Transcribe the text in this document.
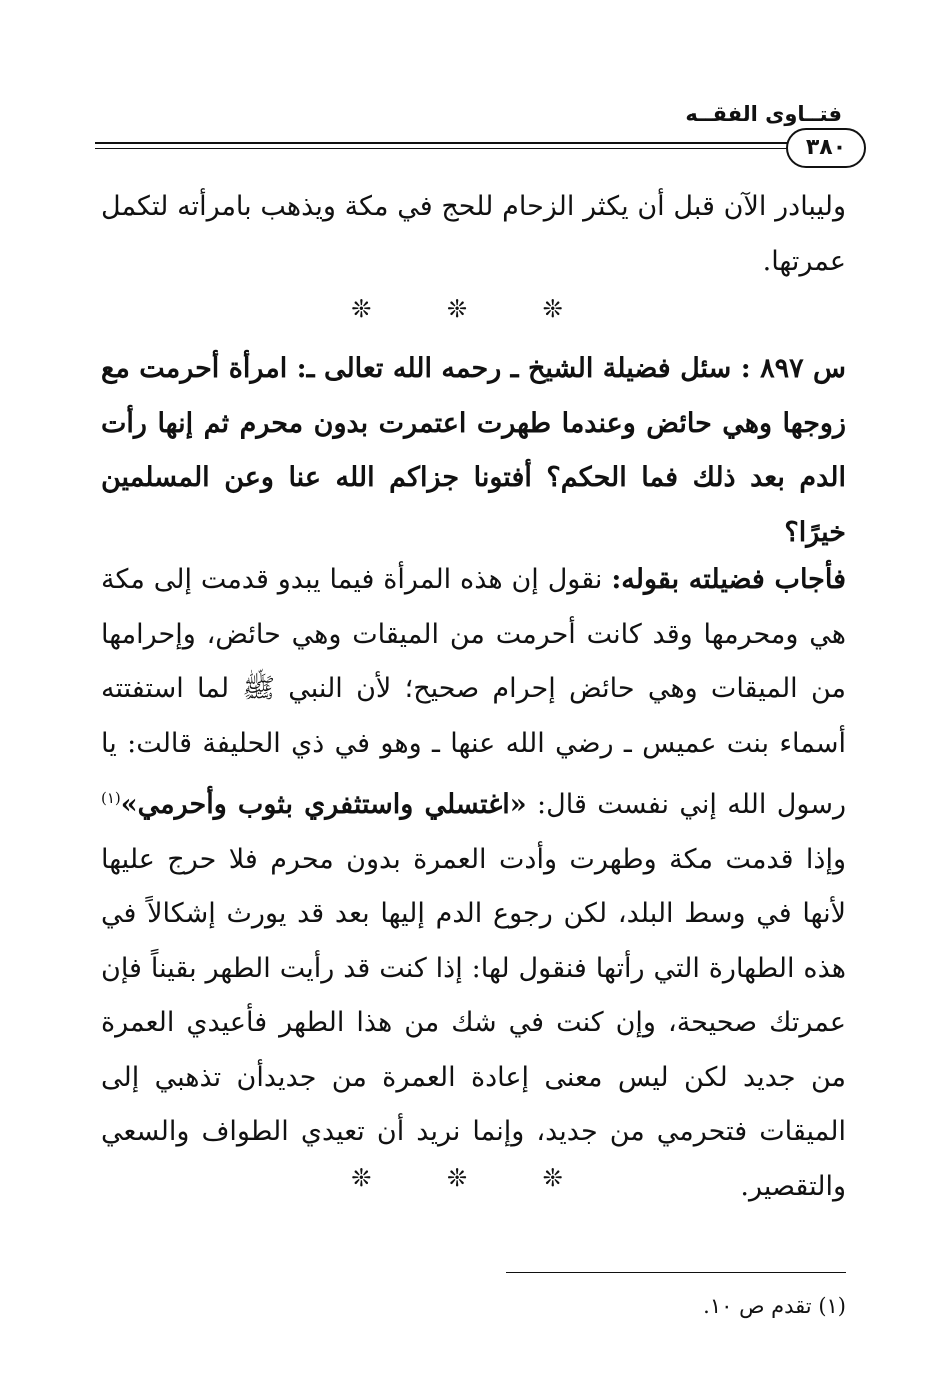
فتــاوى الفقــه
٣٨٠
وليبادر الآن قبل أن يكثر الزحام للحج في مكة ويذهب بامرأته لتكمل عمرتها.
❊ ❊ ❊
س ٨٩٧ : سئل فضيلة الشيخ ـ رحمه الله تعالى ـ: امرأة أحرمت مع زوجها وهي حائض وعندما طهرت اعتمرت بدون محرم ثم إنها رأت الدم بعد ذلك فما الحكم؟ أفتونا جزاكم الله عنا وعن المسلمين خيرًا؟
فأجاب فضيلته بقوله: نقول إن هذه المرأة فيما يبدو قدمت إلى مكة هي ومحرمها وقد كانت أحرمت من الميقات وهي حائض، وإحرامها من الميقات وهي حائض إحرام صحيح؛ لأن النبي ﷺ لما استفتته أسماء بنت عميس ـ رضي الله عنها ـ وهو في ذي الحليفة قالت: يا رسول الله إني نفست قال: «اغتسلي واستثفري بثوب وأحرمي»$^{(١)}$ وإذا قدمت مكة وطهرت وأدت العمرة بدون محرم فلا حرج عليها لأنها في وسط البلد، لكن رجوع الدم إليها بعد قد يورث إشكالاً في هذه الطهارة التي رأتها فنقول لها: إذا كنت قد رأيت الطهر بقيناً فإن عمرتك صحيحة، وإن كنت في شك من هذا الطهر فأعيدي العمرة من جديد لكن ليس معنى إعادة العمرة من جديدأن تذهبي إلى الميقات فتحرمي من جديد، وإنما نريد أن تعيدي الطواف والسعي والتقصير.
❊ ❊ ❊
(١) تقدم ص ١٠.
